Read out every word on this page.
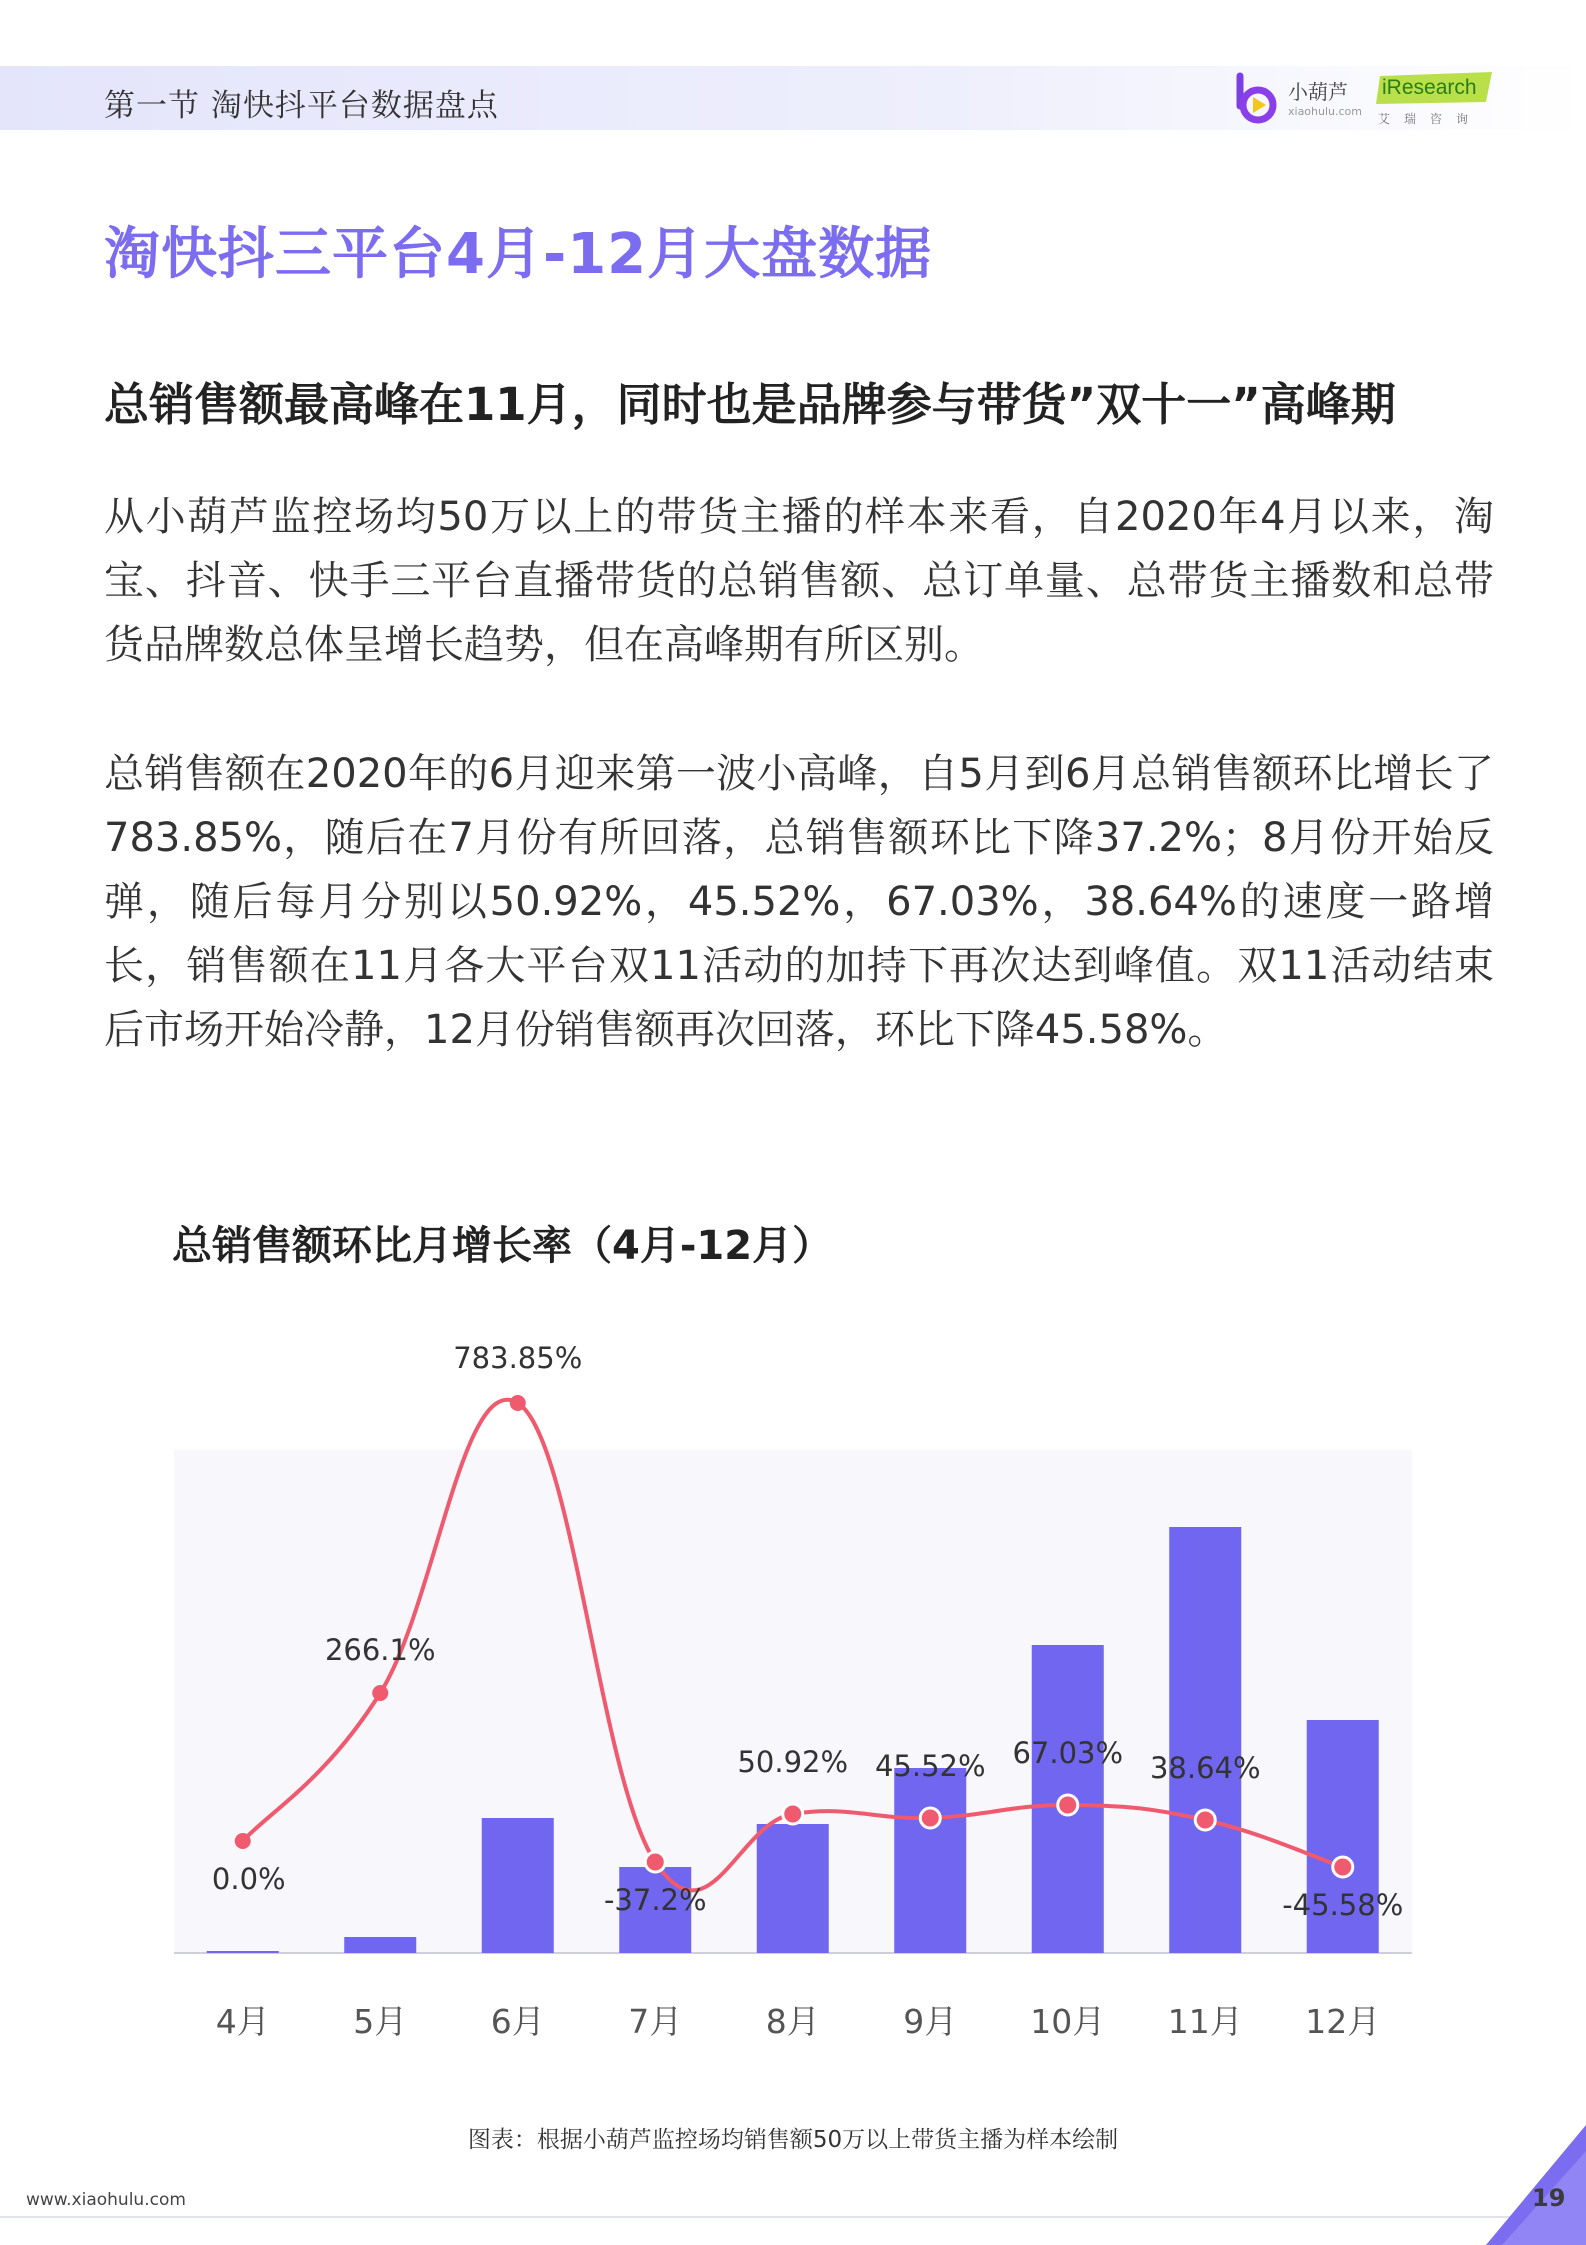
第一节 淘快抖平台数据盘点	小葫芦
xiaohulu.com
iResearch
艾瑞咨询
淘快抖三平台4月-12月大盘数据
总销售额最高峰在11月，同时也是品牌参与带货”双十一”高峰期

从小葫芦监控场均50万以上的带货主播的样本来看，自2020年4月以来，淘宝、抖音、快手三平台直播带货的总销售额、总订单量、总带货主播数和总带货品牌数总体呈增长趋势，但在高峰期有所区别。

总销售额在2020年的6月迎来第一波小高峰，自5月到6月总销售额环比增长了783.85%，随后在7月份有所回落，总销售额环比下降37.2%；8月份开始反弹，随后每月分别以50.92%，45.52%，67.03%，38.64%的速度一路增长，销售额在11月各大平台双11活动的加持下再次达到峰值。双11活动结束后市场开始冷静，12月份销售额再次回落，环比下降45.58%。

总销售额环比月增长率（4月-12月）
0.0%
266.1%
783.85%
-37.2%
50.92% 45.52% 67.03% 38.64%
-45.58%
4月	5月	6月	7月	8月	9月 10月 11月 12月
图表：根据小葫芦监控场均销售额50万以上带货主播为样本绘制
www.xiaohulu.com	19
